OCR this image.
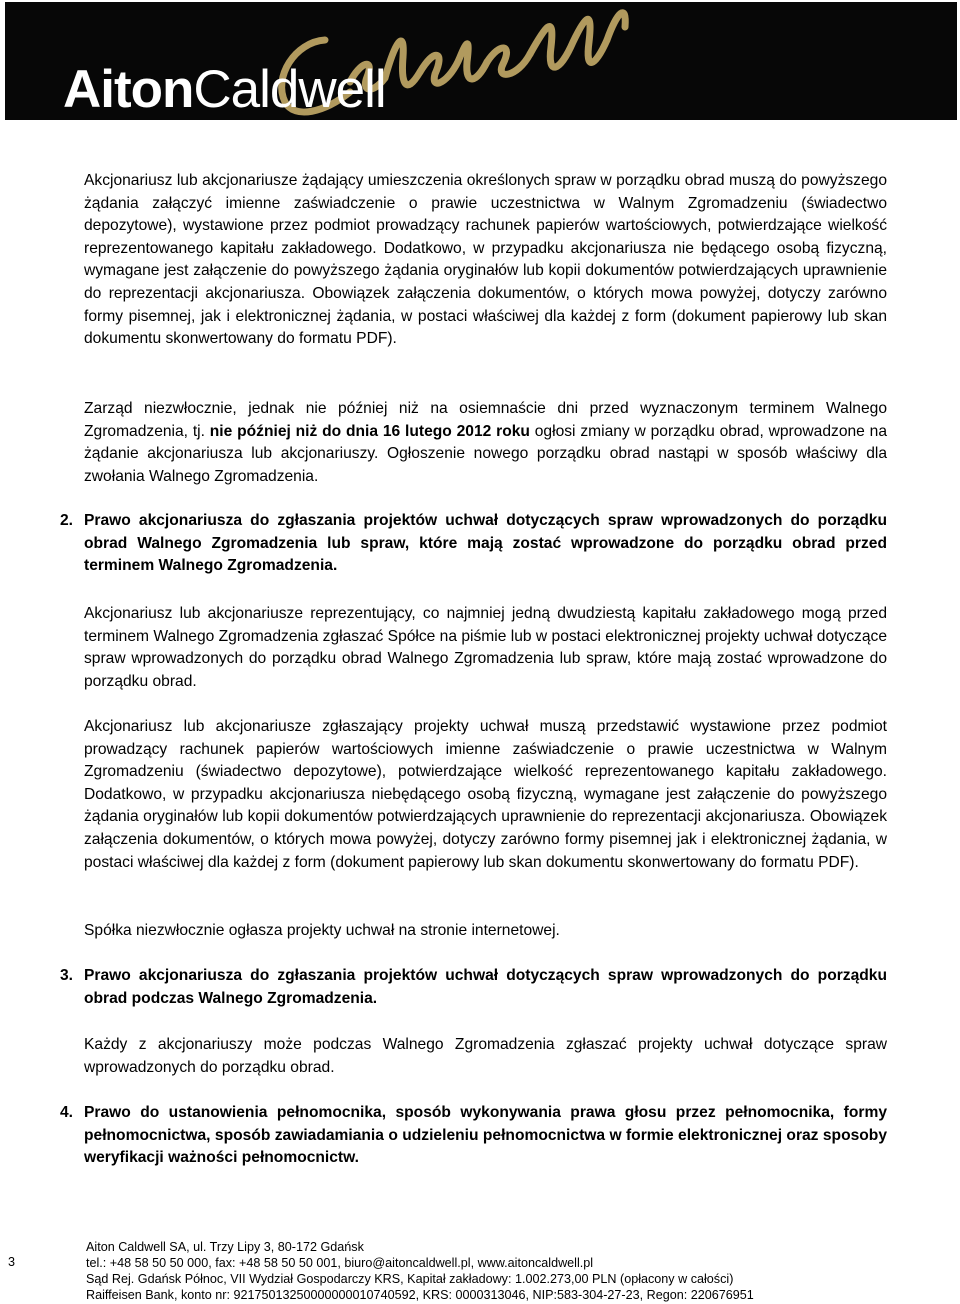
AitonCaldwell

Akcjonariusz lub akcjonariusze żądający umieszczenia określonych spraw w porządku obrad muszą do powyższego żądania załączyć imienne zaświadczenie o prawie uczestnictwa w Walnym Zgromadzeniu (świadectwo depozytowe), wystawione przez podmiot prowadzący rachunek papierów wartościowych, potwierdzające wielkość reprezentowanego kapitału zakładowego. Dodatkowo, w przypadku akcjonariusza nie będącego osobą fizyczną, wymagane jest załączenie do powyższego żądania oryginałów lub kopii dokumentów potwierdzających uprawnienie do reprezentacji akcjonariusza. Obowiązek załączenia dokumentów, o których mowa powyżej, dotyczy zarówno formy pisemnej, jak i elektronicznej żądania, w postaci właściwej dla każdej z form (dokument papierowy lub skan dokumentu skonwertowany do formatu PDF).

Zarząd niezwłocznie, jednak nie później niż na osiemnaście dni przed wyznaczonym terminem Walnego Zgromadzenia, tj. nie później niż do dnia 16 lutego 2012 roku ogłosi zmiany w porządku obrad, wprowadzone na żądanie akcjonariusza lub akcjonariuszy. Ogłoszenie nowego porządku obrad nastąpi w sposób właściwy dla zwołania Walnego Zgromadzenia.

2. Prawo akcjonariusza do zgłaszania projektów uchwał dotyczących spraw wprowadzonych do porządku obrad Walnego Zgromadzenia lub spraw, które mają zostać wprowadzone do porządku obrad przed terminem Walnego Zgromadzenia.

Akcjonariusz lub akcjonariusze reprezentujący, co najmniej jedną dwudziestą kapitału zakładowego mogą przed terminem Walnego Zgromadzenia zgłaszać Spółce na piśmie lub w postaci elektronicznej projekty uchwał dotyczące spraw wprowadzonych do porządku obrad Walnego Zgromadzenia lub spraw, które mają zostać wprowadzone do porządku obrad.

Akcjonariusz lub akcjonariusze zgłaszający projekty uchwał muszą przedstawić wystawione przez podmiot prowadzący rachunek papierów wartościowych imienne zaświadczenie o prawie uczestnictwa w Walnym Zgromadzeniu (świadectwo depozytowe), potwierdzające wielkość reprezentowanego kapitału zakładowego. Dodatkowo, w przypadku akcjonariusza niebędącego osobą fizyczną, wymagane jest załączenie do powyższego żądania oryginałów lub kopii dokumentów potwierdzających uprawnienie do reprezentacji akcjonariusza. Obowiązek załączenia dokumentów, o których mowa powyżej, dotyczy zarówno formy pisemnej jak i elektronicznej żądania, w postaci właściwej dla każdej z form (dokument papierowy lub skan dokumentu skonwertowany do formatu PDF).

Spółka niezwłocznie ogłasza projekty uchwał na stronie internetowej.

3. Prawo akcjonariusza do zgłaszania projektów uchwał dotyczących spraw wprowadzonych do porządku obrad podczas Walnego Zgromadzenia.

Każdy z akcjonariuszy może podczas Walnego Zgromadzenia zgłaszać projekty uchwał dotyczące spraw wprowadzonych do porządku obrad.

4. Prawo do ustanowienia pełnomocnika, sposób wykonywania prawa głosu przez pełnomocnika, formy pełnomocnictwa, sposób zawiadamiania o udzieleniu pełnomocnictwa w formie elektronicznej oraz sposoby weryfikacji ważności pełnomocnictw.
3
Aiton Caldwell SA, ul. Trzy Lipy 3, 80-172 Gdańsk
tel.: +48 58 50 50 000, fax: +48 58 50 50 001, biuro@aitoncaldwell.pl, www.aitoncaldwell.pl
Sąd Rej. Gdańsk Północ, VII Wydział Gospodarczy KRS, Kapitał zakładowy: 1.002.273,00 PLN (opłacony w całości)
Raiffeisen Bank, konto nr: 92175013250000000010740592, KRS: 0000313046, NIP:583-304-27-23, Regon: 220676951
